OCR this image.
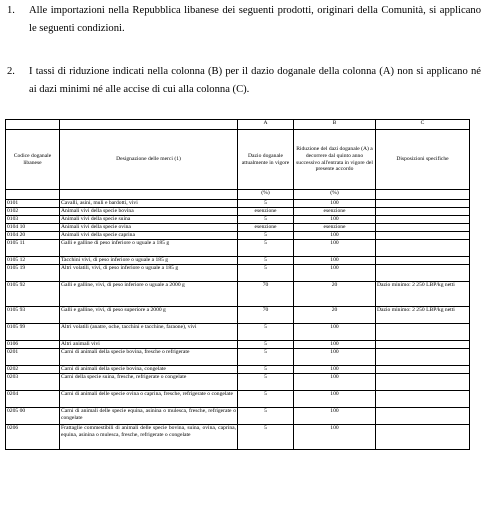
1. Alle importazioni nella Repubblica libanese dei seguenti prodotti, originari della Comunità, si applicano le seguenti condizioni.
2. I tassi di riduzione indicati nella colonna (B) per il dazio doganale della colonna (A) non si applicano né ai dazi minimi né alle accise di cui alla colonna (C).
		A	B	C
Codice doganale libanese	Designazione delle merci (1)	Dazio doganale attualmente in vigore	Riduzione del dazi doganale (A) a decorrere dal quinto anno successivo all'entrata in vigore del presente accordo	Disposizioni specifiche
		(%)	(%)	
0101	Cavalli, asini, muli e bardotti, vivi	5	100	
0102	Animali vivi della specie bovina	esenzione	esenzione	
0103	Animali vivi della specie suina	5	100	
0104 10	Animali vivi della specie ovina	esenzione	esenzione	
0104 20	Animali vivi della specie caprina	5	100	
0105 11	Galli e galline di peso inferiore o uguale a 185 g	5	100	
0105 12	Tacchini vivi, di peso inferiore o uguale a 185 g	5	100	
0105 19	Altri volatili, vivi, di peso inferiore o uguale a 185 g	5	100	
0105 92	Galli e galline, vivi, di peso inferiore o uguale a 2000 g	70	20	Dazio minimo: 2 250 LBP/kg netti
0105 93	Galli e galline, vivi, di peso superiore a 2000 g	70	20	Dazio minimo: 2 250 LBP/kg netti
0105 99	Altri volatili (anatre, oche, tacchini e tacchine, faraone), vivi	5	100	
0106	Altri animali vivi	5	100	
0201	Carni di animali della specie bovina, fresche o refrigerate	5	100	
0202	Carni di animali della specie bovina, congelate	5	100	
0203	Carni della specie suina, fresche, refrigerate o congelate	5	100	
0204	Carni di animali delle specie ovina o caprina, fresche, refrigerate o congelate	5	100	
0205 00	Carni di animali delle specie equina, asinina o mulesca, fresche, refrigerate o congelate	5	100	
0206	Frattaglie commestibili di animali delle specie bovina, suina, ovina, caprina, equina, asinina o mulesca, fresche, refrigerate o congelate	5	100	
